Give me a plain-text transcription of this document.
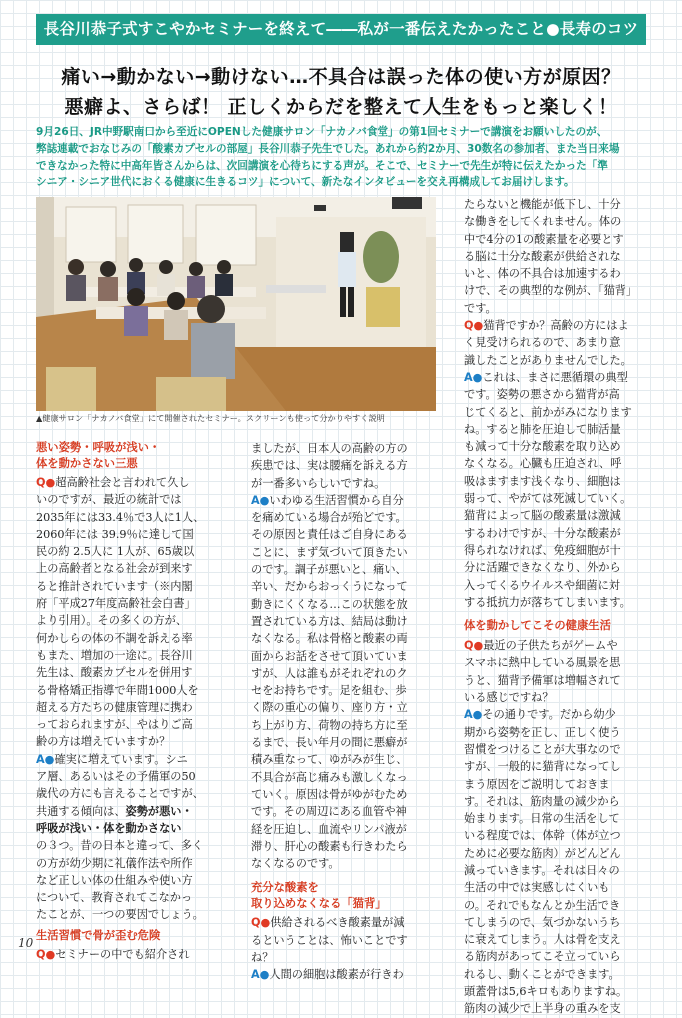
長谷川恭子式すこやかセミナーを終えて――私が一番伝えたかったこと●長寿のコツ
痛い→動かない→動けない…不具合は誤った体の使い方が原因？
悪癖よ、さらば！ 正しくからだを整えて人生をもっと楽しく！

9月26日、JR中野駅南口から至近にOPENした健康サロン「ナカノバ食堂」の第1回セミナーで講演をお願いしたのが、

弊誌連載でおなじみの「酸素カプセルの部屋」長谷川恭子先生でした。あれから約2か月、30数名の参加者、また当日来場

できなかった特に中高年皆さんからは、次回講演を心待ちにする声が。そこで、セミナーで先生が特に伝えたかった「準

シニア・シニア世代におくる健康に生きるコツ」について、新たなインタビューを交え再構成してお届けします。

▲健康サロン「ナカノバ食堂」にて開催されたセミナー。スクリーンも使って分かりやすく説明

悪い姿勢・呼吸が浅い・

体を動かさない三悪

Q●超高齢社会と言われて久し

いのですが、最近の統計では

2035年には33.4％で3人に1人、

2060年には 39.9％に達して国

民の約 2.5人に 1人が、65歳以

上の高齢者となる社会が到来す

ると推計されています（※内閣

府「平成27年度高齢社会白書」

より引用）。その多くの方が、

何かしらの体の不調を訴える率

もまた、増加の一途に。長谷川

先生は、酸素カプセルを併用す

る骨格矯正指導で年間1000人を

超える方たちの健康管理に携わ

っておられますが、やはりご高

齢の方は増えていますか？

A●確実に増えています。シニ

ア層、あるいはその予備軍の50

歳代の方にも言えることですが、

共通する傾向は、姿勢が悪い・

呼吸が浅い・体を動かさない

の３つ。昔の日本と違って、多く

の方が幼少期に礼儀作法や所作

など正しい体の仕組みや使い方

について、教育されてこなかっ

たことが、一つの要因でしょう。

生活習慣で骨が歪む危険

Q●セミナーの中でも紹介され

ましたが、日本人の高齢の方の

疾患では、実は腰痛を訴える方

が一番多いらしいですね。

A●いわゆる生活習慣から自分

を痛めている場合が殆どです。

その原因と責任はご自身にある

ことに、まず気づいて頂きたい

のです。調子が悪いと、痛い、

辛い、だからおっくうになって

動きにくくなる…この状態を放

置されている方は、結局は動け

なくなる。私は骨格と酸素の両

面からお話をさせて頂いていま

すが、人は誰もがそれぞれのク

セをお持ちです。足を組む、歩

く際の重心の偏り、座り方・立

ち上がり方、荷物の持ち方に至

るまで、長い年月の間に悪癖が

積み重なって、ゆがみが生じ、

不具合が高じ痛みも激しくなっ

ていく。原因は骨がゆがむため

です。その周辺にある血管や神

経を圧迫し、血流やリンパ液が

滞り、肝心の酸素も行きわたら

なくなるのです。

充分な酸素を

取り込めなくなる「猫背」

Q●供給されるべき酸素量が減

るということは、怖いことです

ね？

A●人間の細胞は酸素が行きわ

たらないと機能が低下し、十分

な働きをしてくれません。体の

中で4分の1の酸素量を必要とす

る脳に十分な酸素が供給されな

いと、体の不具合は加速するわ

けで、その典型的な例が、「猫背」

です。

Q●猫背ですか？高齢の方にはよ

く見受けられるので、あまり意

識したことがありませんでした。

A●これは、まさに悪循環の典型

です。姿勢の悪さから猫背が高

じてくると、前かがみになります

ね。すると肺を圧迫して肺活量

も減って十分な酸素を取り込め

なくなる。心臓も圧迫され、呼

吸はますます浅くなり、細胞は

弱って、やがては死滅していく。

猫背によって脳の酸素量は激減

するわけですが、十分な酸素が

得られなければ、免疫細胞が十

分に活躍できなくなり、外から

入ってくるウイルスや細菌に対

する抵抗力が落ちてしまいます。

体を動かしてこその健康生活

Q●最近の子供たちがゲームや

スマホに熱中している風景を思

うと、猫背予備軍は増幅されて

いる感じですね？

A●その通りです。だから幼少

期から姿勢を正し、正しく使う

習慣をつけることが大事なので

すが、一般的に猫背になってし

まう原因をご説明しておきま

す。それは、筋肉量の減少から

始まります。日常の生活をして

いる程度では、体幹（体が立つ

ために必要な筋肉）がどんどん

減っていきます。それは日々の

生活の中では実感しにくいも

の。それでもなんとか生活でき

てしまうので、気づかないうち

に衰えてしまう。人は骨を支え

る筋肉があってこそ立っていら

れるし、動くことができます。

頭蓋骨は5,6キロもありますね。

筋肉の減少で上半身の重みを支

10
